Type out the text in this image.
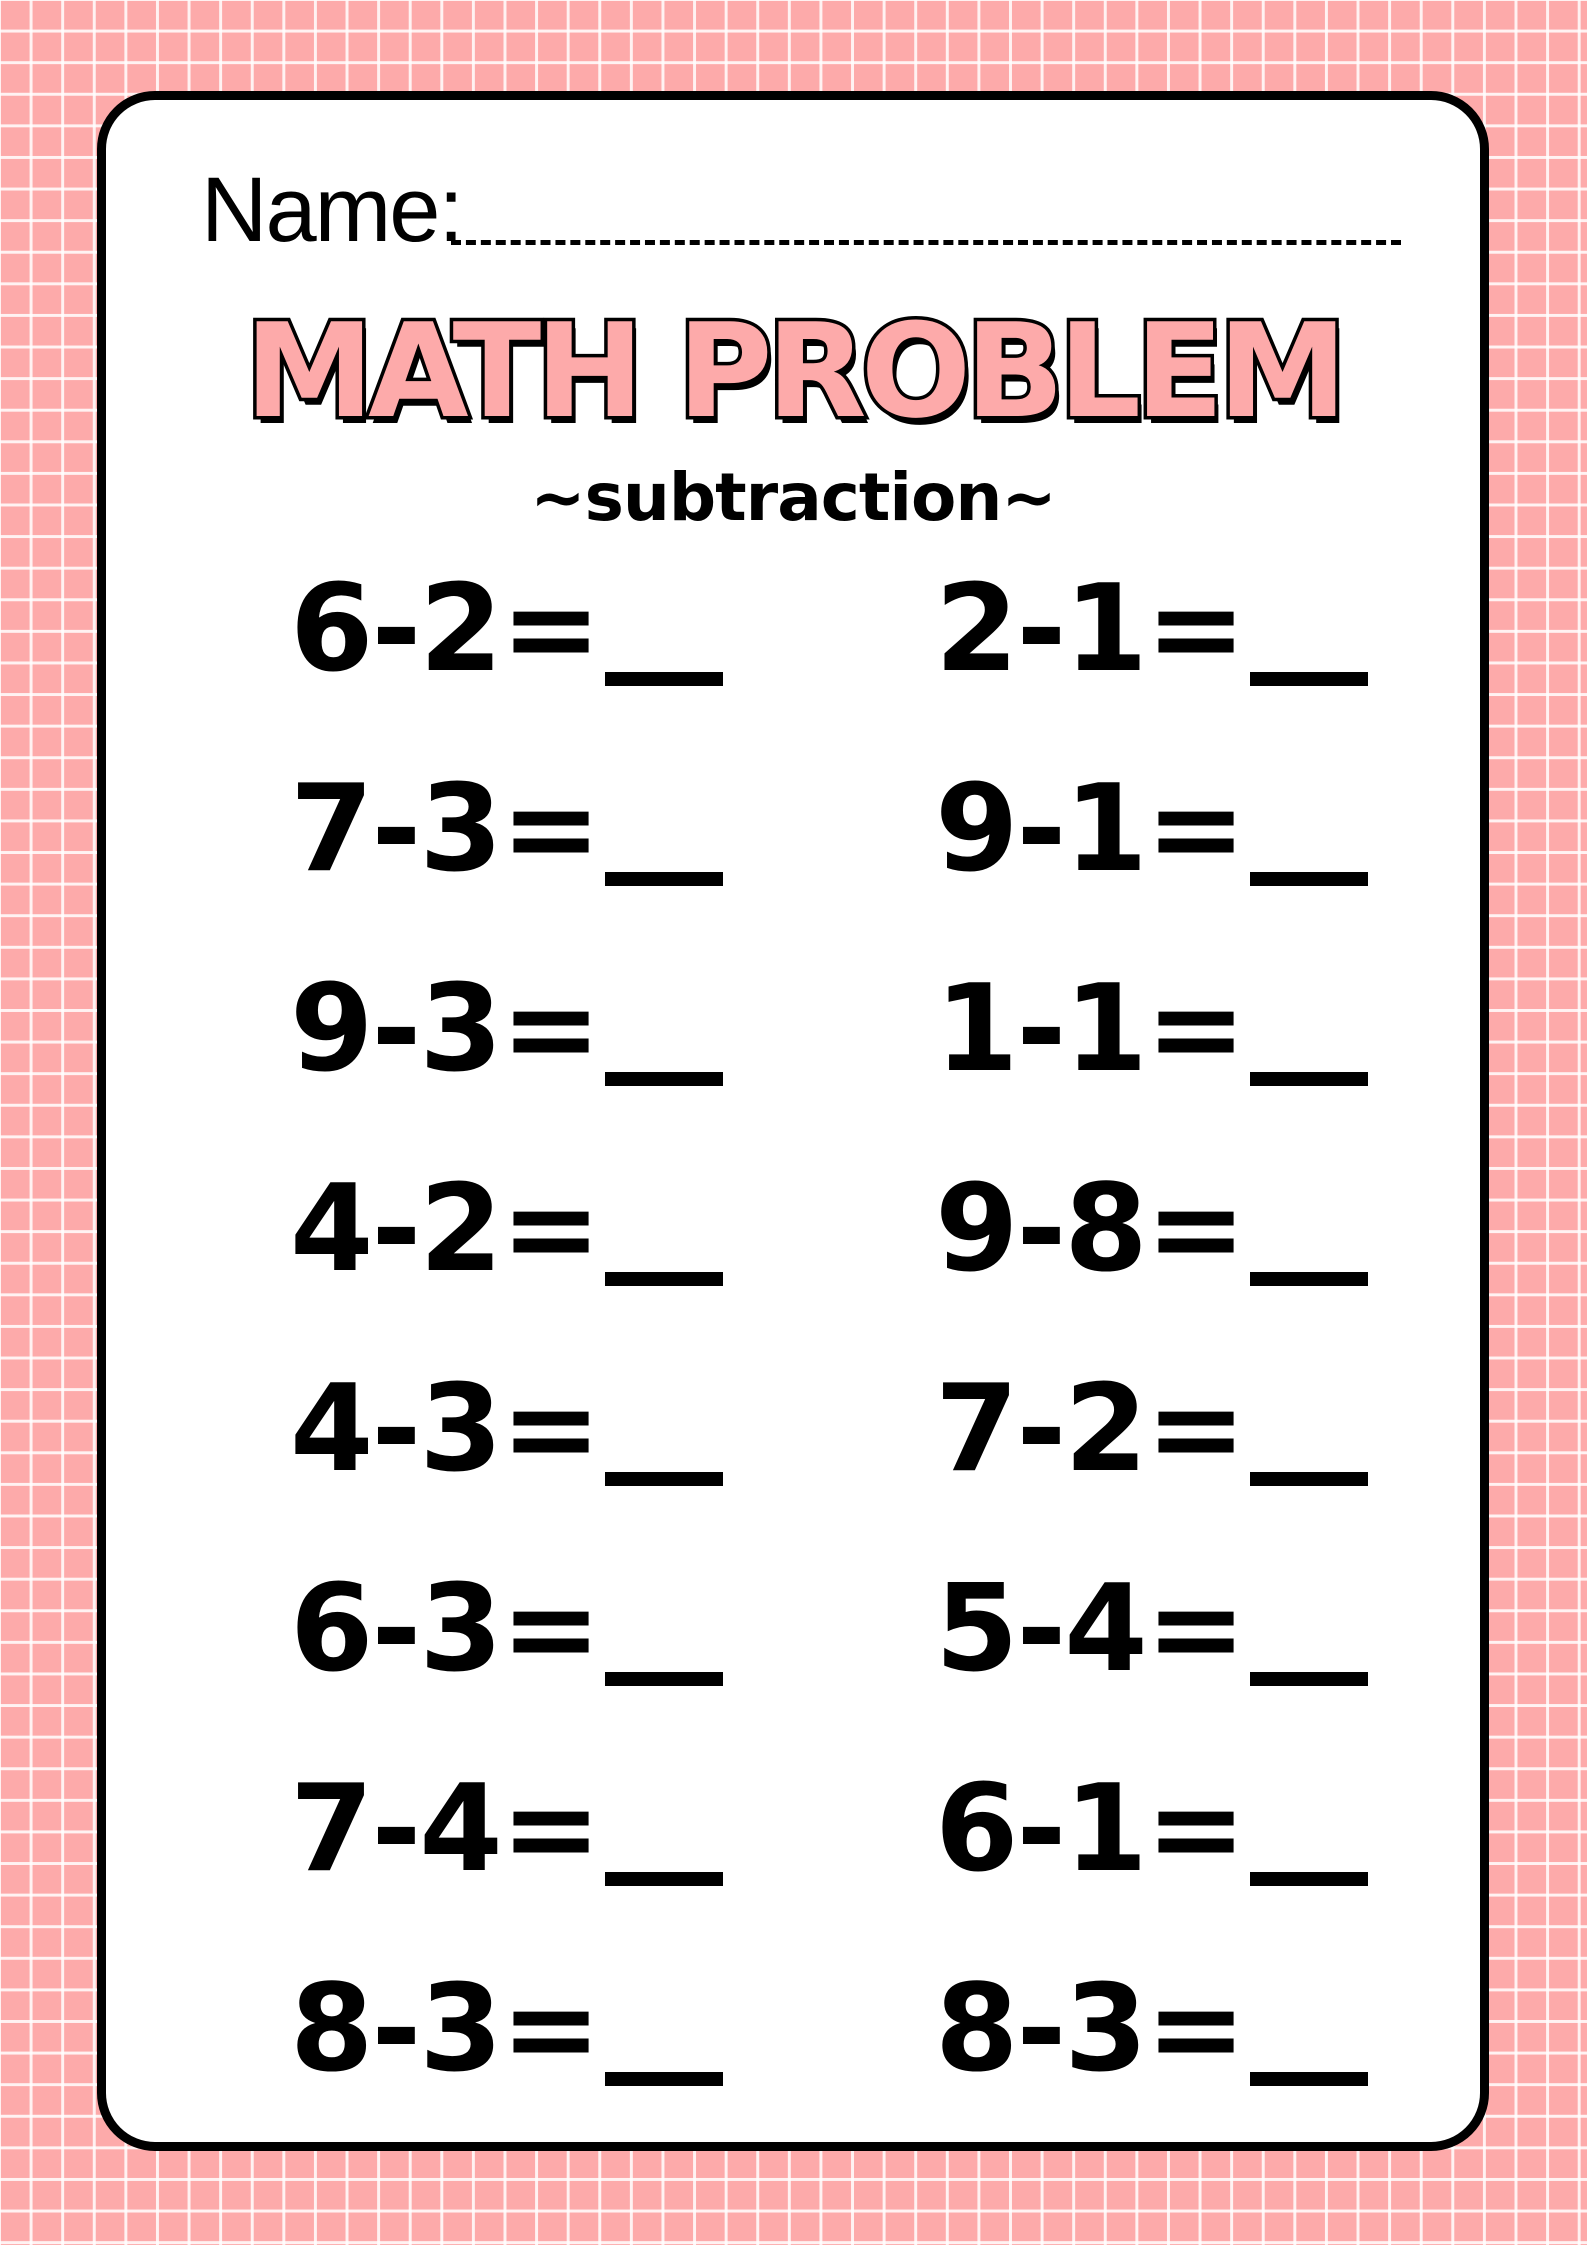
Name:
MATH PROBLEM
~subtraction~
6-2=
7-3=
9-3=
4-2=
4-3=
6-3=
7-4=
8-3=
2-1=
9-1=
1-1=
9-8=
7-2=
5-4=
6-1=
8-3=
